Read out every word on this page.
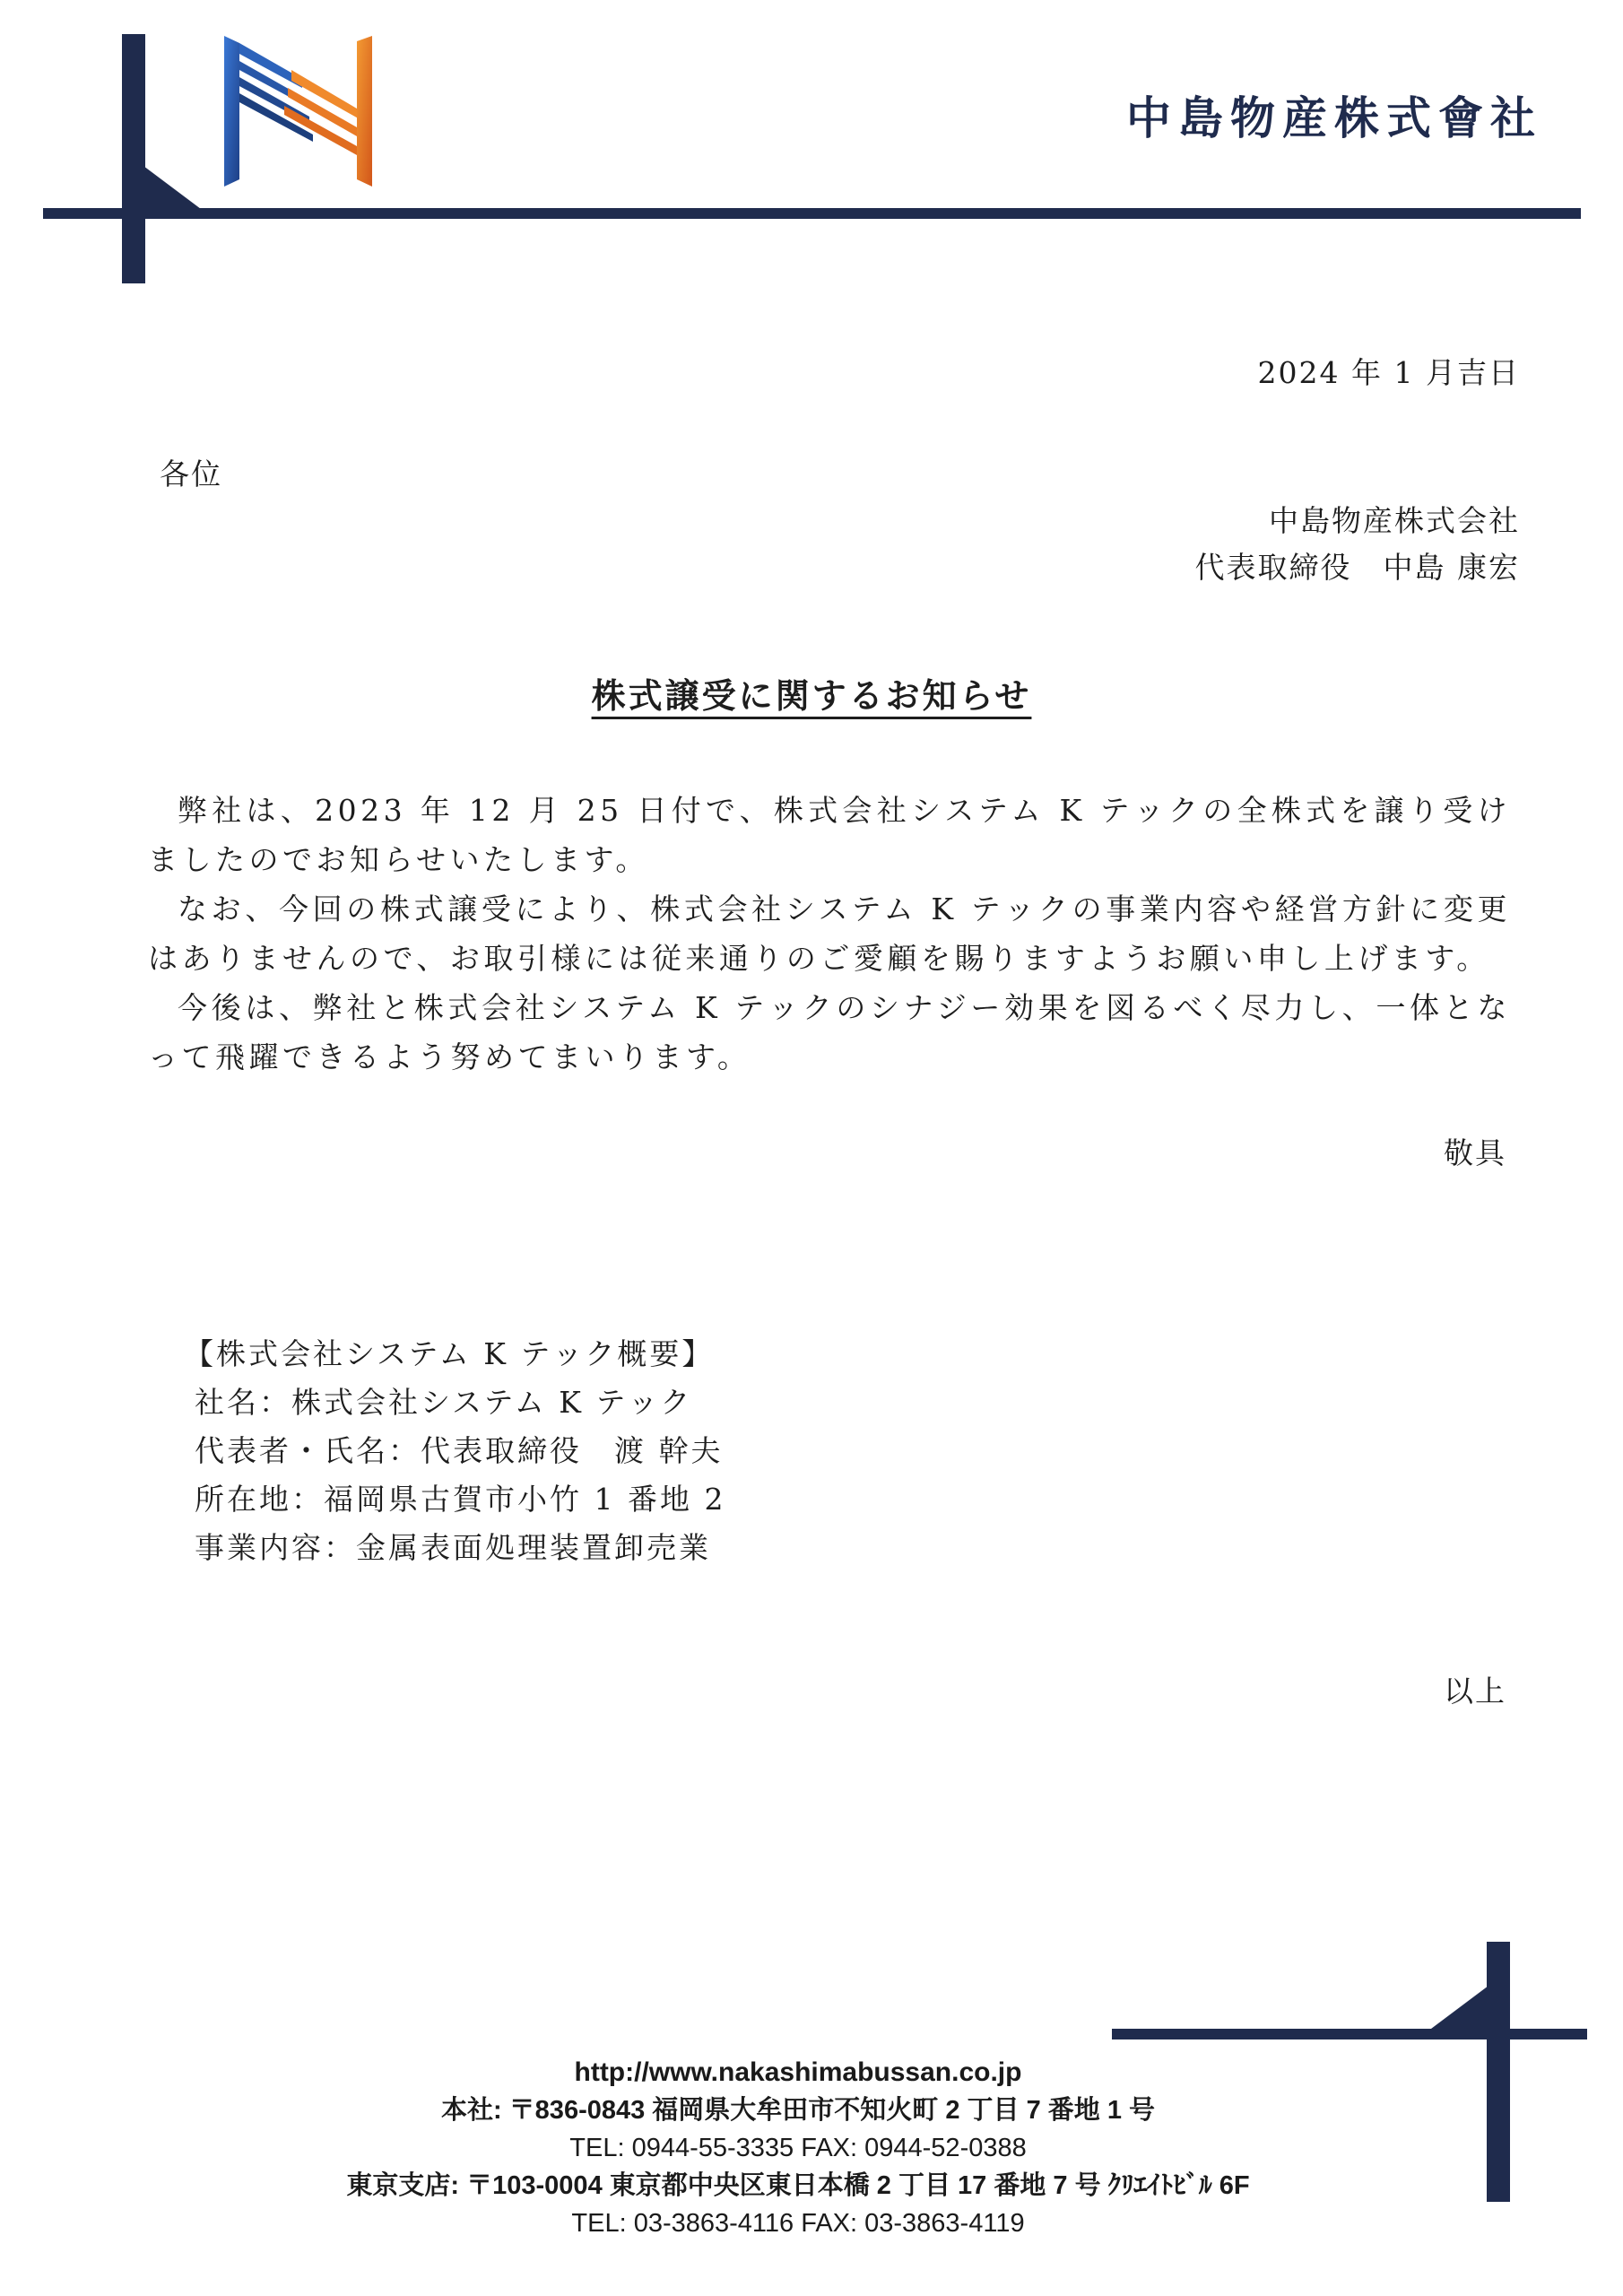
中島物産株式會社
2024 年 1 月吉日
各位
中島物産株式会社
代表取締役　中島 康宏
株式譲受に関するお知らせ

弊社は、2023 年 12 月 25 日付で、株式会社システム K テックの全株式を譲り受けましたのでお知らせいたします。

なお、今回の株式譲受により、株式会社システム K テックの事業内容や経営方針に変更はありませんので、お取引様には従来通りのご愛顧を賜りますようお願い申し上げます。

今後は、弊社と株式会社システム K テックのシナジー効果を図るべく尽力し、一体となって飛躍できるよう努めてまいります。

敬具
【株式会社システム K テック概要】
社名：株式会社システム K テック
代表者・氏名：代表取締役　渡 幹夫
所在地：福岡県古賀市小竹 1 番地 2
事業内容：金属表面処理装置卸売業
以上
http://www.nakashimabussan.co.jp
本社: 〒836-0843 福岡県大牟田市不知火町 2 丁目 7 番地 1 号
TEL: 0944-55-3335 FAX: 0944-52-0388
東京支店: 〒103-0004 東京都中央区東日本橋 2 丁目 17 番地 7 号 ｸﾘｴｲﾄﾋﾞﾙ 6F
TEL: 03-3863-4116 FAX: 03-3863-4119
